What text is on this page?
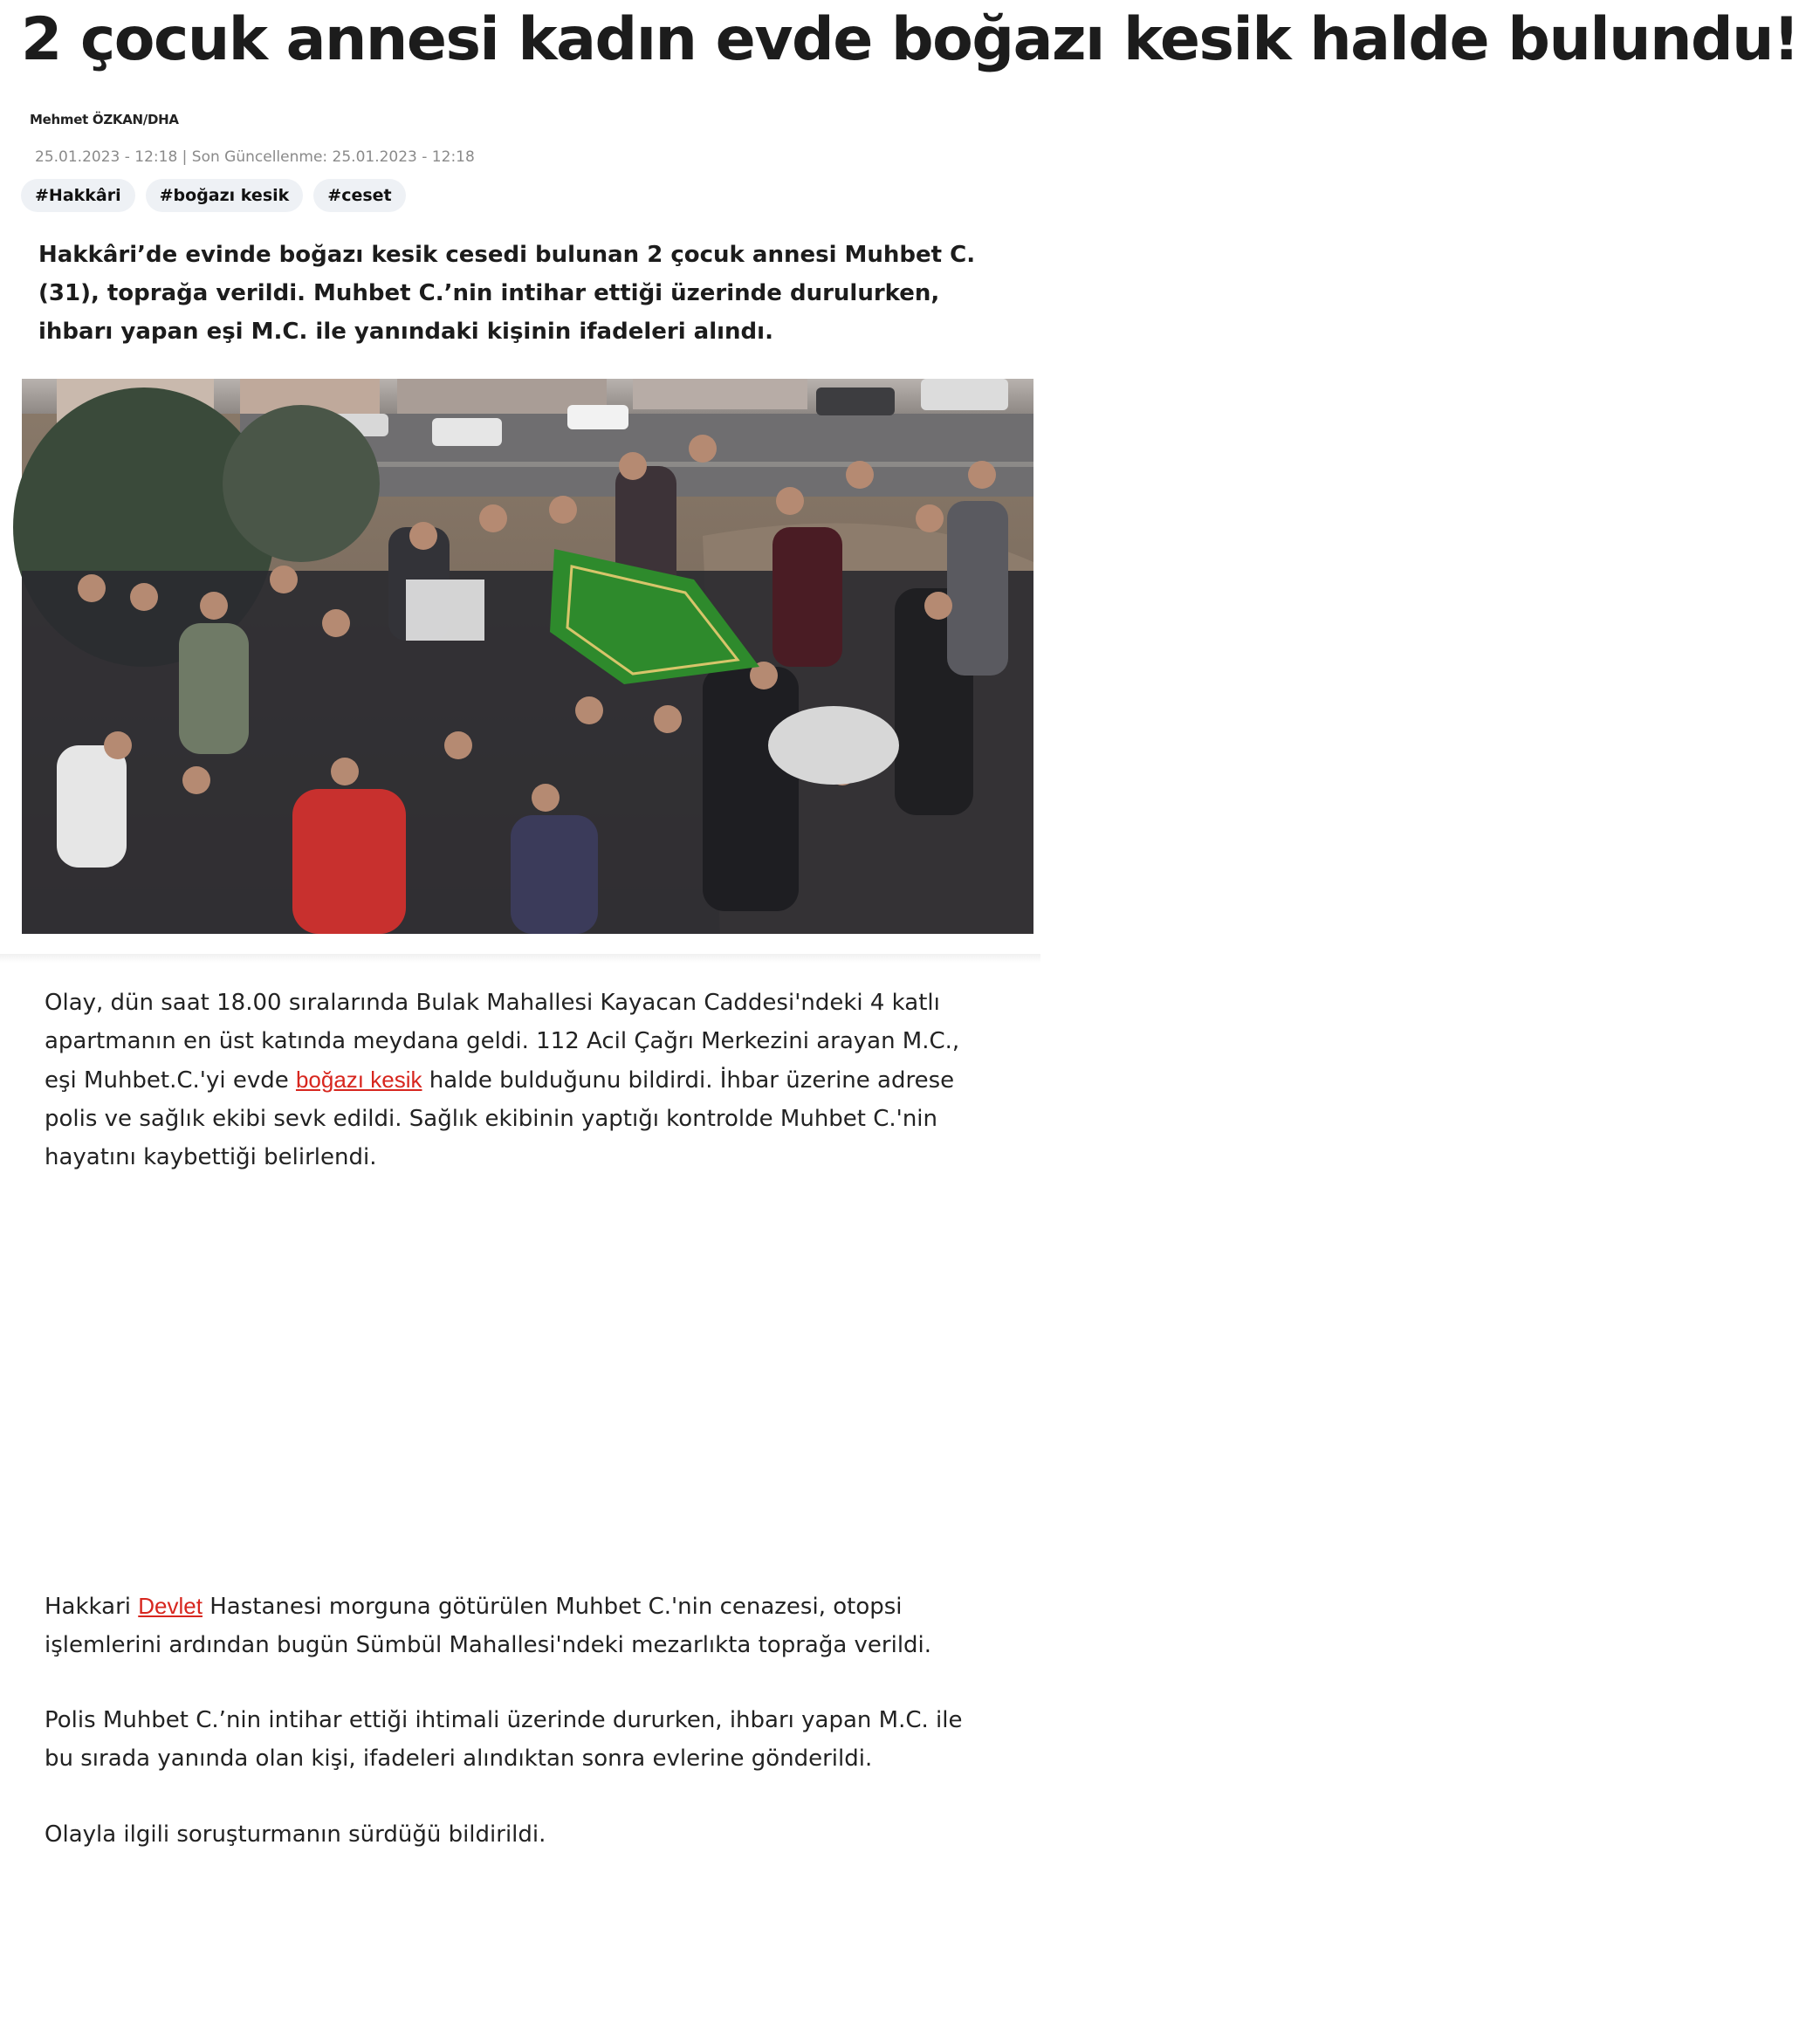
2 çocuk annesi kadın evde boğazı kesik halde bulundu!
Mehmet ÖZKAN/DHA
25.01.2023 - 12:18 | Son Güncellenme: 25.01.2023 - 12:18
#Hakkâri	#boğazı kesik	#ceset

Hakkâri’de evinde boğazı kesik cesedi bulunan 2 çocuk annesi Muhbet C. (31), toprağa verildi. Muhbet C.’nin intihar ettiği üzerinde durulurken, ihbarı yapan eşi M.C. ile yanındaki kişinin ifadeleri alındı.

Olay, dün saat 18.00 sıralarında Bulak Mahallesi Kayacan Caddesi'ndeki 4 katlı apartmanın en üst katında meydana geldi. 112 Acil Çağrı Merkezini arayan M.C., eşi Muhbet.C.'yi evde boğazı kesik halde bulduğunu bildirdi. İhbar üzerine adrese polis ve sağlık ekibi sevk edildi. Sağlık ekibinin yaptığı kontrolde Muhbet C.'nin hayatını kaybettiği belirlendi.

Hakkari Devlet Hastanesi morguna götürülen Muhbet C.'nin cenazesi, otopsi işlemlerini ardından bugün Sümbül Mahallesi'ndeki mezarlıkta toprağa verildi.

Polis Muhbet C.’nin intihar ettiği ihtimali üzerinde dururken, ihbarı yapan M.C. ile bu sırada yanında olan kişi, ifadeleri alındıktan sonra evlerine gönderildi.

Olayla ilgili soruşturmanın sürdüğü bildirildi.
